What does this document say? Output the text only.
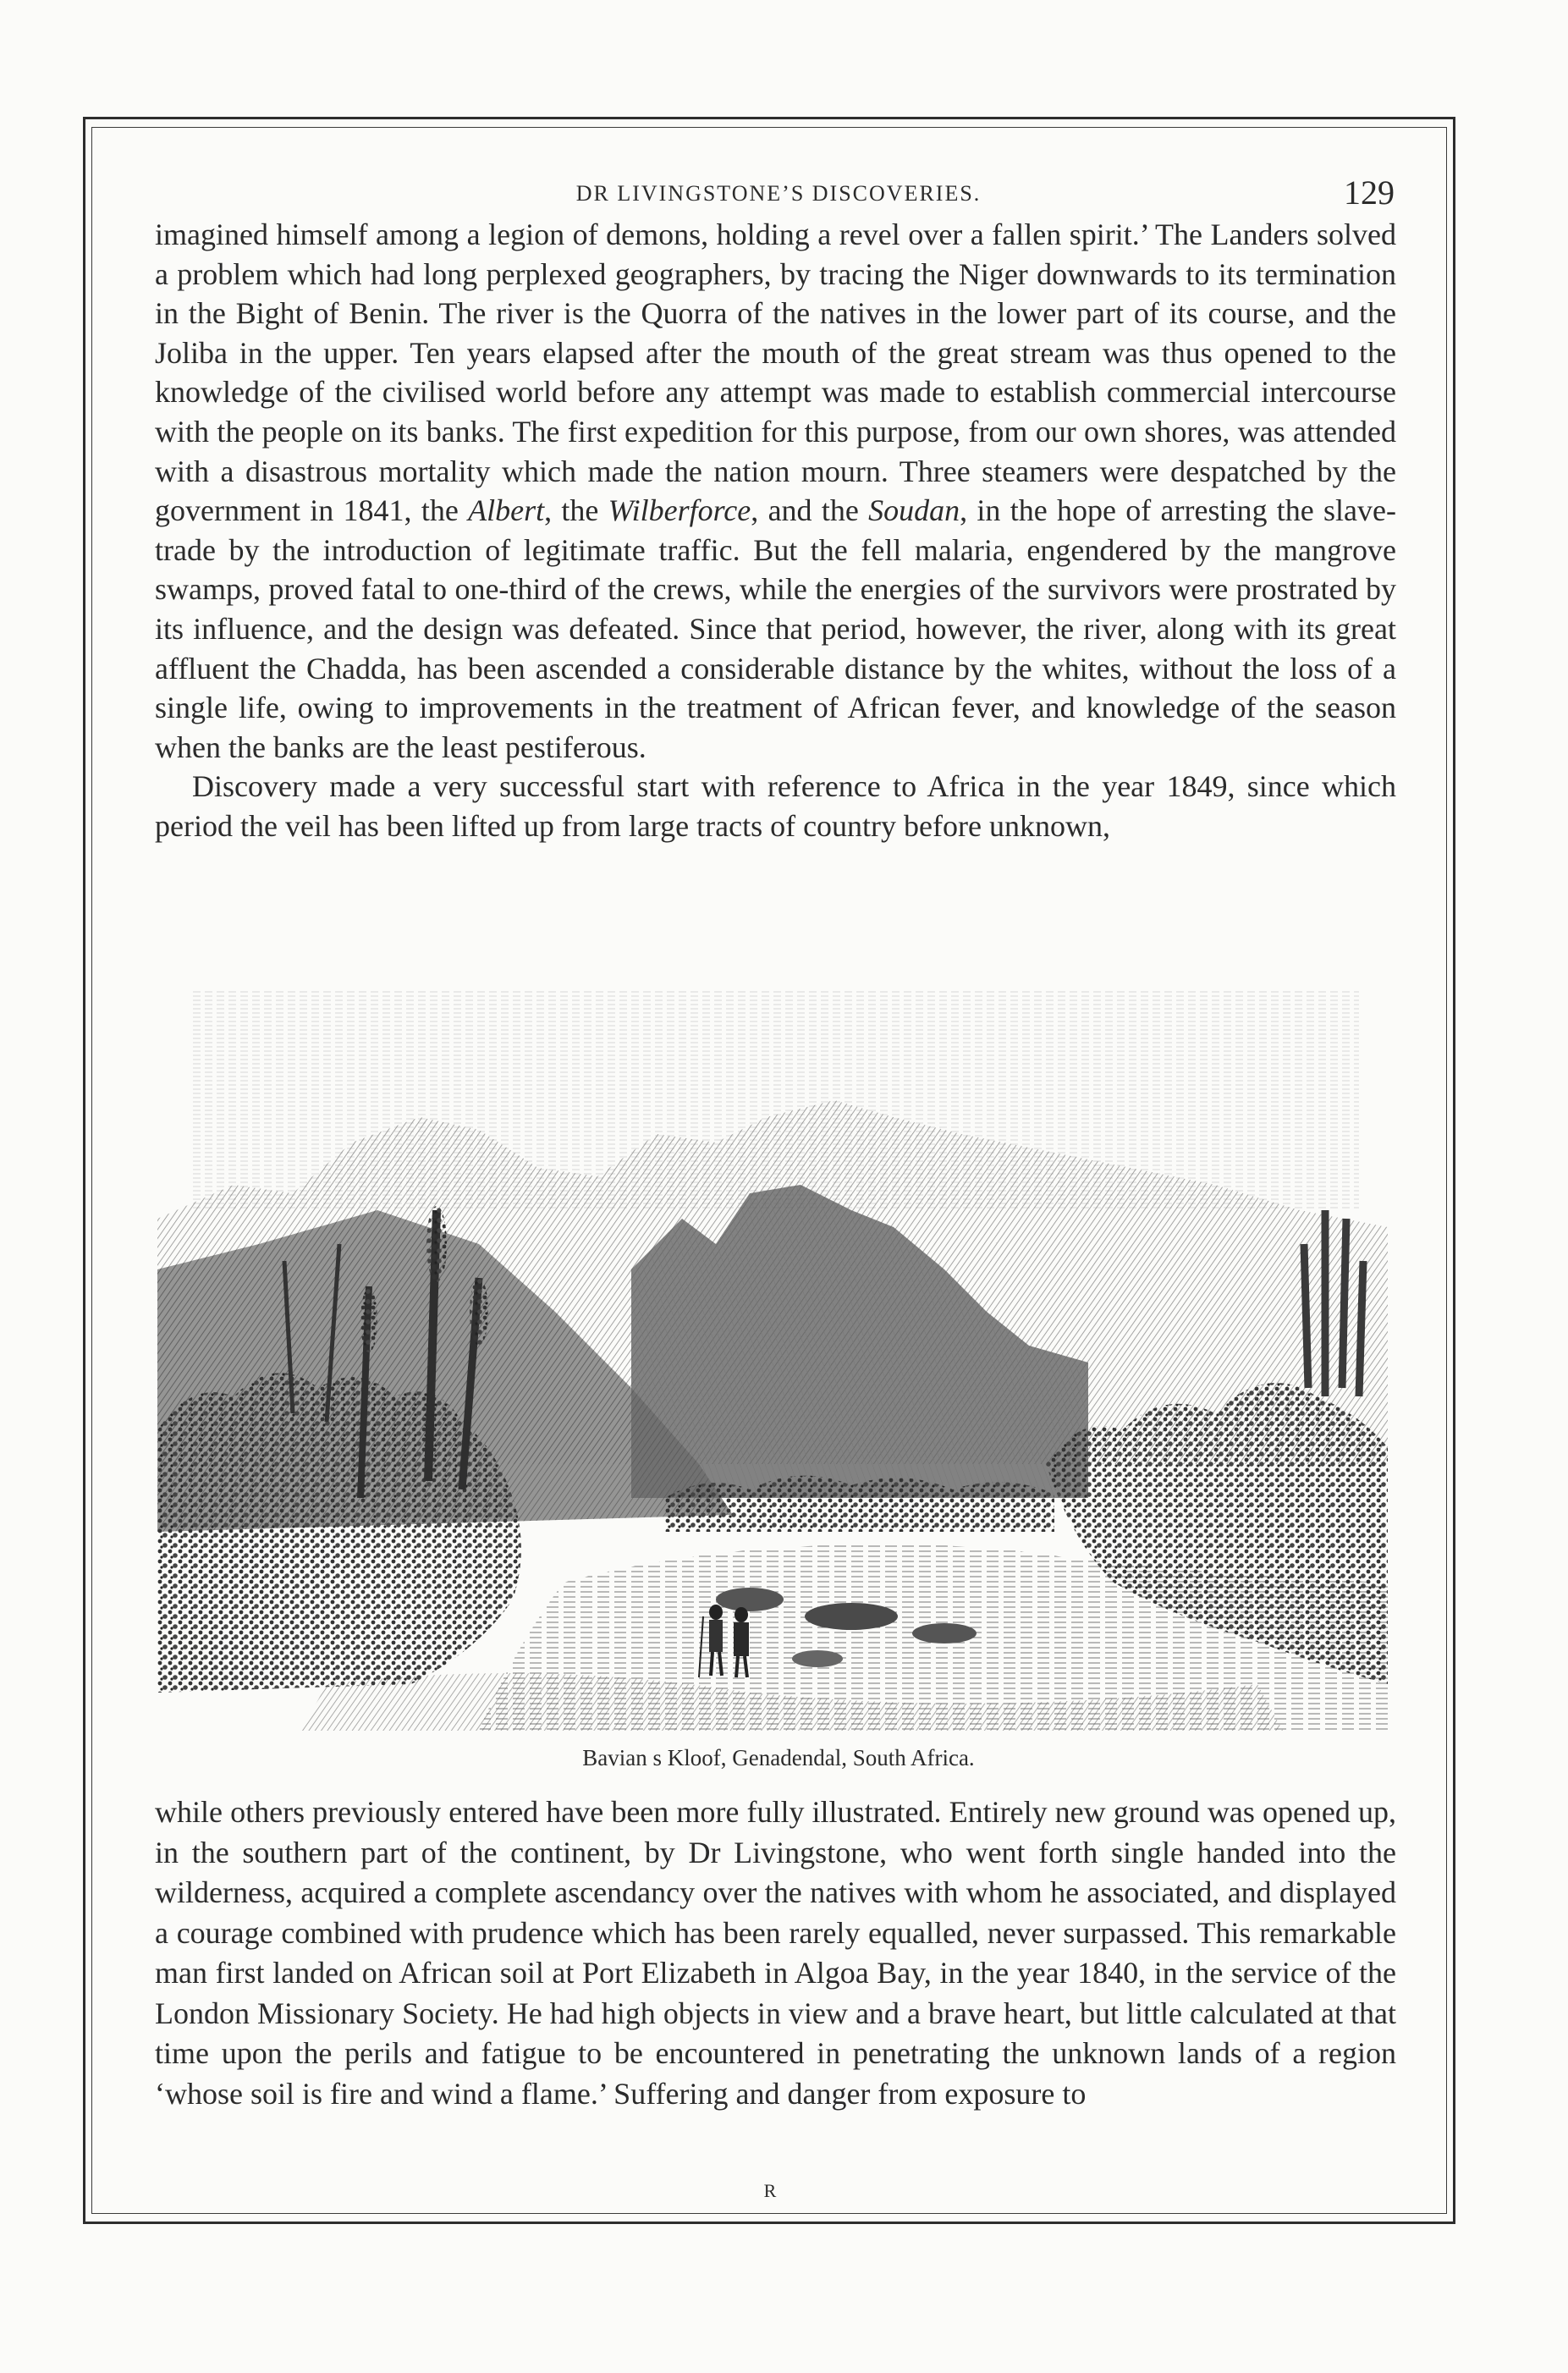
DR LIVINGSTONE’S DISCOVERIES.	129

imagined himself among a legion of demons, holding a revel over a fallen spirit.’ The Landers solved a problem which had long perplexed geographers, by tracing the Niger downwards to its termination in the Bight of Benin. The river is the Quorra of the natives in the lower part of its course, and the Joliba in the upper. Ten years elapsed after the mouth of the great stream was thus opened to the knowledge of the civilised world before any attempt was made to establish commercial intercourse with the people on its banks. The first expedition for this purpose, from our own shores, was attended with a disastrous mortality which made the nation mourn. Three steamers were despatched by the government in 1841, the Albert, the Wilberforce, and the Soudan, in the hope of arresting the slave-trade by the introduction of legitimate traffic. But the fell malaria, engendered by the mangrove swamps, proved fatal to one-third of the crews, while the energies of the survivors were prostrated by its influence, and the design was defeated. Since that period, however, the river, along with its great affluent the Chadda, has been ascended a considerable distance by the whites, without the loss of a single life, owing to improvements in the treatment of African fever, and knowledge of the season when the banks are the least pestiferous.

Discovery made a very successful start with reference to Africa in the year 1849, since which period the veil has been lifted up from large tracts of country before unknown,

Bavian s Kloof, Genadendal, South Africa.

while others previously entered have been more fully illustrated. Entirely new ground was opened up, in the southern part of the continent, by Dr Livingstone, who went forth single handed into the wilderness, acquired a complete ascendancy over the natives with whom he associated, and displayed a courage combined with prudence which has been rarely equalled, never surpassed. This remarkable man first landed on African soil at Port Elizabeth in Algoa Bay, in the year 1840, in the service of the London Missionary Society. He had high objects in view and a brave heart, but little calculated at that time upon the perils and fatigue to be encountered in penetrating the unknown lands of a region ‘whose soil is fire and wind a flame.’ Suffering and danger from exposure to

R
